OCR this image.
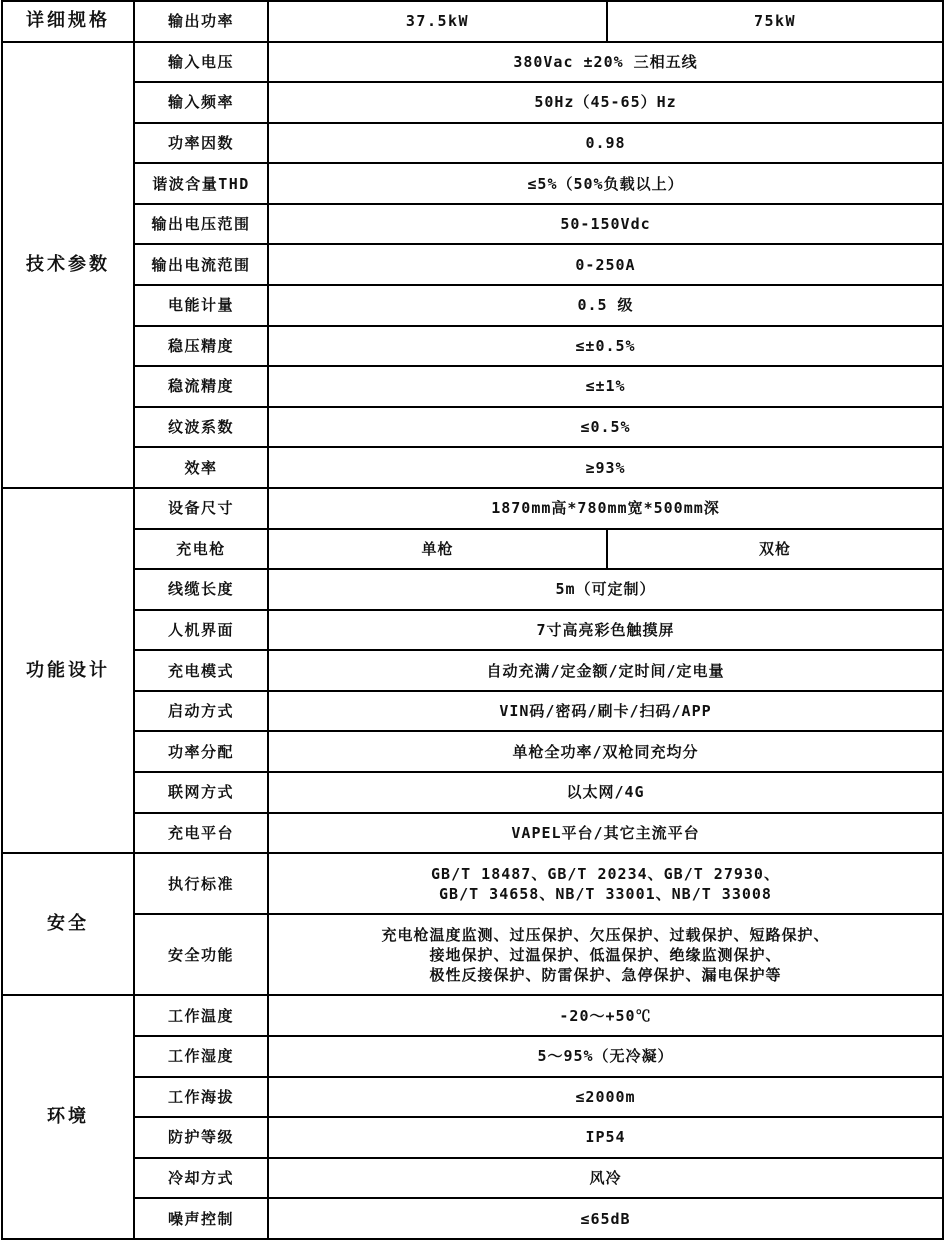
详细规格	输出功率	37.5kW	75kW
技术参数	输入电压	380Vac ±20% 三相五线	
	输入频率	50Hz（45-65）Hz	
	功率因数	0.98	
	谐波含量THD	≤5%（50%负载以上）	
	输出电压范围	50-150Vdc	
	输出电流范围	0-250A	
	电能计量	0.5 级	
	稳压精度	≤±0.5%	
	稳流精度	≤±1%	
	纹波系数	≤0.5%	
	效率	≥93%	
功能设计	设备尺寸	1870mm高*780mm宽*500mm深	
	充电枪	单枪	双枪
	线缆长度	5m（可定制）	
	人机界面	7寸高亮彩色触摸屏	
	充电模式	自动充满/定金额/定时间/定电量	
	启动方式	VIN码/密码/刷卡/扫码/APP	
	功率分配	单枪全功率/双枪同充均分	
	联网方式	以太网/4G	
	充电平台	VAPEL平台/其它主流平台	
安全	执行标准	GB/T 18487、GB/T 20234、GB/T 27930、
GB/T 34658、NB/T 33001、NB/T 33008	
	安全功能	充电枪温度监测、过压保护、欠压保护、过载保护、短路保护、
接地保护、过温保护、低温保护、绝缘监测保护、
极性反接保护、防雷保护、急停保护、漏电保护等	
环境	工作温度	-20～+50℃	
	工作湿度	5～95%（无冷凝）	
	工作海拔	≤2000m	
	防护等级	IP54	
	冷却方式	风冷	
	噪声控制	≤65dB	
